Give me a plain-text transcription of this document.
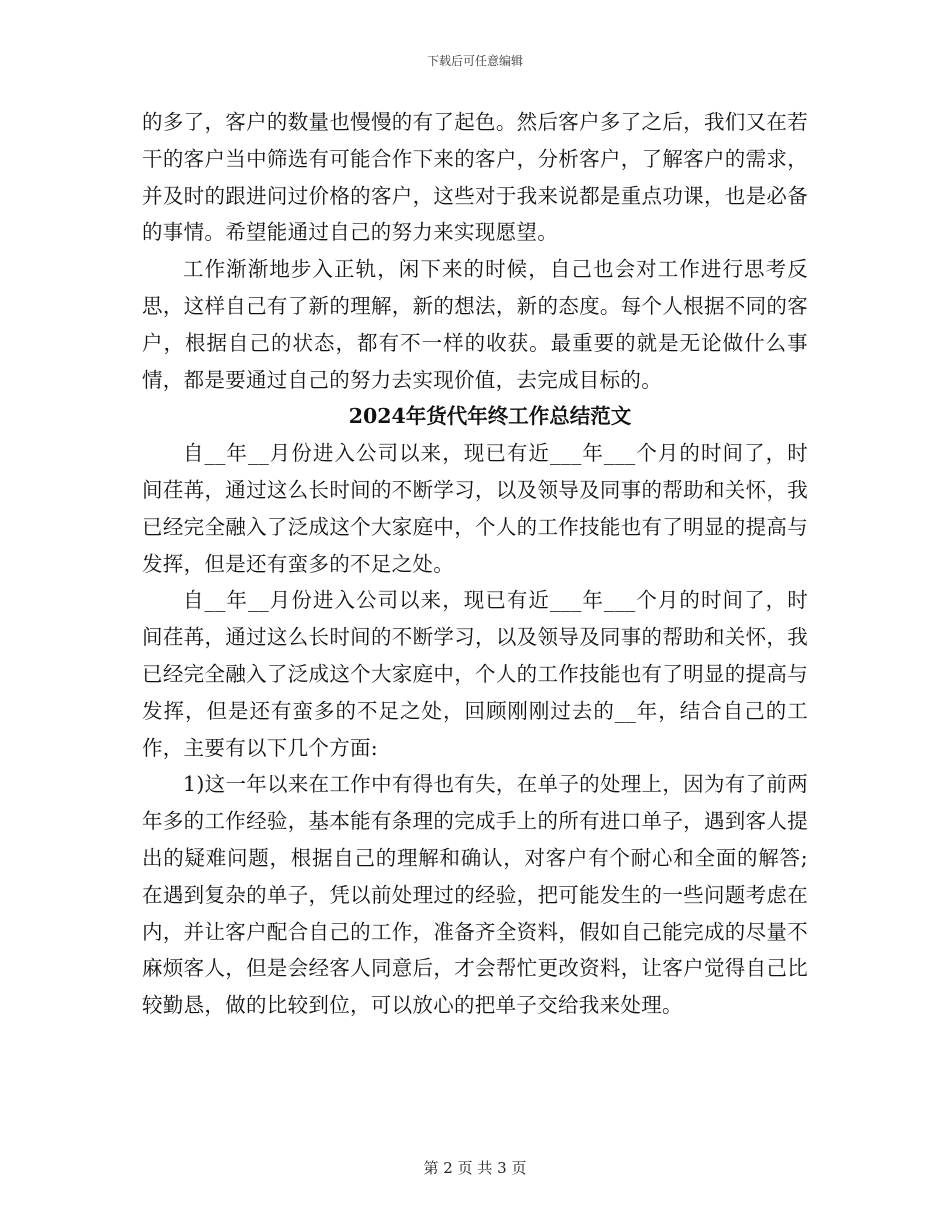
下载后可任意编辑

的多了，客户的数量也慢慢的有了起色。然后客户多了之后，我们又在若干的客户当中筛选有可能合作下来的客户，分析客户，了解客户的需求，并及时的跟进问过价格的客户，这些对于我来说都是重点功课，也是必备的事情。希望能通过自己的努力来实现愿望。

工作渐渐地步入正轨，闲下来的时候，自己也会对工作进行思考反思，这样自己有了新的理解，新的想法，新的态度。每个人根据不同的客户，根据自己的状态，都有不一样的收获。最重要的就是无论做什么事情，都是要通过自己的努力去实现价值，去完成目标的。

2024年货代年终工作总结范文

自__年__月份进入公司以来，现已有近___年___个月的时间了，时间荏苒，通过这么长时间的不断学习，以及领导及同事的帮助和关怀，我已经完全融入了泛成这个大家庭中，个人的工作技能也有了明显的提高与发挥，但是还有蛮多的不足之处。

自__年__月份进入公司以来，现已有近___年___个月的时间了，时间荏苒，通过这么长时间的不断学习，以及领导及同事的帮助和关怀，我已经完全融入了泛成这个大家庭中，个人的工作技能也有了明显的提高与发挥，但是还有蛮多的不足之处，回顾刚刚过去的__年，结合自己的工作，主要有以下几个方面:

1)这一年以来在工作中有得也有失，在单子的处理上，因为有了前两年多的工作经验，基本能有条理的完成手上的所有进口单子，遇到客人提出的疑难问题，根据自己的理解和确认，对客户有个耐心和全面的解答;在遇到复杂的单子，凭以前处理过的经验，把可能发生的一些问题考虑在内，并让客户配合自己的工作，准备齐全资料，假如自己能完成的尽量不麻烦客人，但是会经客人同意后，才会帮忙更改资料，让客户觉得自己比较勤恳，做的比较到位，可以放心的把单子交给我来处理。

第 2 页 共 3 页
